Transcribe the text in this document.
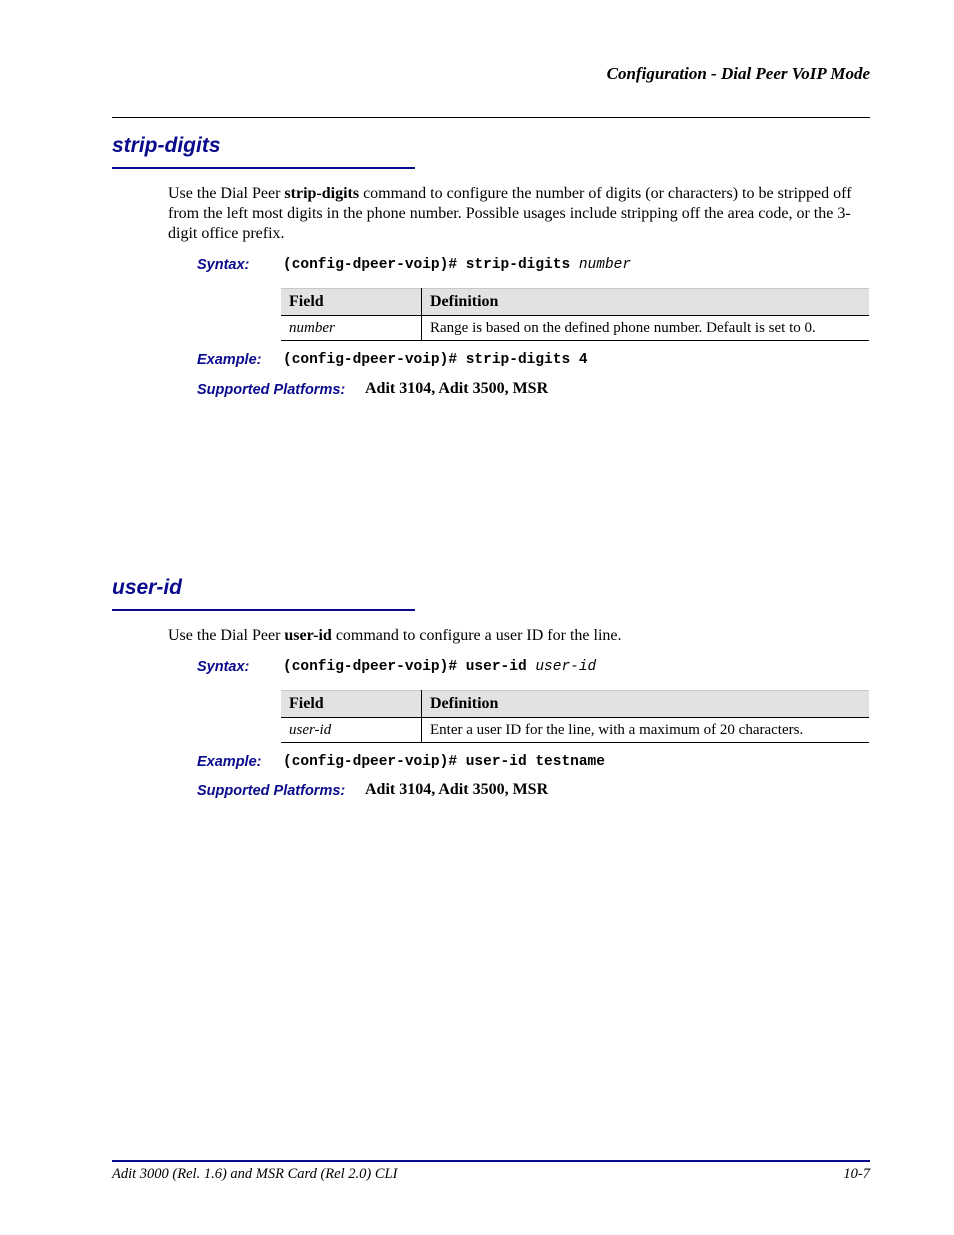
Configuration - Dial Peer VoIP Mode
strip-digits
Use the Dial Peer strip-digits command to configure the number of digits (or characters) to be stripped off from the left most digits in the phone number. Possible usages include stripping off the area code, or the 3-digit office prefix.
Syntax: (config-dpeer-voip)# strip-digits number
Field	Definition
number	Range is based on the defined phone number. Default is set to 0.
Example: (config-dpeer-voip)# strip-digits 4
Supported Platforms: Adit 3104, Adit 3500, MSR
user-id
Use the Dial Peer user-id command to configure a user ID for the line.
Syntax: (config-dpeer-voip)# user-id user-id
Field	Definition
user-id	Enter a user ID for the line, with a maximum of 20 characters.
Example: (config-dpeer-voip)# user-id testname
Supported Platforms: Adit 3104, Adit 3500, MSR
Adit 3000 (Rel. 1.6) and MSR Card (Rel 2.0) CLI	10-7
